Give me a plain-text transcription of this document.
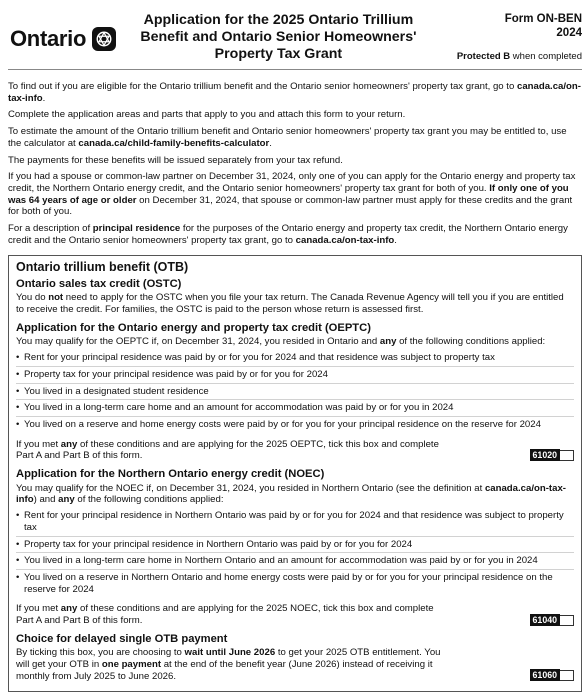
Ontario
Application for the 2025 Ontario Trillium Benefit and Ontario Senior Homeowners' Property Tax Grant
Form ON-BEN
2024
Protected B when completed

To find out if you are eligible for the Ontario trillium benefit and the Ontario senior homeowners' property tax grant, go to canada.ca/on-tax-info.

Complete the application areas and parts that apply to you and attach this form to your return.

To estimate the amount of the Ontario trillium benefit and Ontario senior homeowners' property tax grant you may be entitled to, use the calculator at canada.ca/child-family-benefits-calculator.

The payments for these benefits will be issued separately from your tax refund.

If you had a spouse or common-law partner on December 31, 2024, only one of you can apply for the Ontario energy and property tax credit, the Northern Ontario energy credit, and the Ontario senior homeowners' property tax grant for both of you. If only one of you was 64 years of age or older on December 31, 2024, that spouse or common-law partner must apply for these credits and the grant for both of you.

For a description of principal residence for the purposes of the Ontario energy and property tax credit, the Northern Ontario energy credit and the Ontario senior homeowners' property tax grant, go to canada.ca/on-tax-info.

Ontario trillium benefit (OTB)
Ontario sales tax credit (OSTC)

You do not need to apply for the OSTC when you file your tax return. The Canada Revenue Agency will tell you if you are entitled to receive the credit. For families, the OSTC is paid to the person whose return is assessed first.

Application for the Ontario energy and property tax credit (OEPTC)

You may qualify for the OEPTC if, on December 31, 2024, you resided in Ontario and any of the following conditions applied:

• Rent for your principal residence was paid by or for you for 2024 and that residence was subject to property tax
• Property tax for your principal residence was paid by or for you for 2024
• You lived in a designated student residence
• You lived in a long-term care home and an amount for accommodation was paid by or for you in 2024
• You lived on a reserve and home energy costs were paid by or for you for your principal residence on the reserve for 2024
If you met any of these conditions and are applying for the 2025 OEPTC, tick this box and complete Part A and Part B of this form.	61020
Application for the Northern Ontario energy credit (NOEC)

You may qualify for the NOEC if, on December 31, 2024, you resided in Northern Ontario (see the definition at canada.ca/on-tax-info) and any of the following conditions applied:

• Rent for your principal residence in Northern Ontario was paid by or for you for 2024 and that residence was subject to property tax
• Property tax for your principal residence in Northern Ontario was paid by or for you for 2024
• You lived in a long-term care home in Northern Ontario and an amount for accommodation was paid by or for you in 2024
• You lived on a reserve in Northern Ontario and home energy costs were paid by or for you for your principal residence on the reserve for 2024
If you met any of these conditions and are applying for the 2025 NOEC, tick this box and complete Part A and Part B of this form.	61040
Choice for delayed single OTB payment
By ticking this box, you are choosing to wait until June 2026 to get your 2025 OTB entitlement. You will get your OTB in one payment at the end of the benefit year (June 2026) instead of receiving it monthly from July 2025 to June 2026.	61060
